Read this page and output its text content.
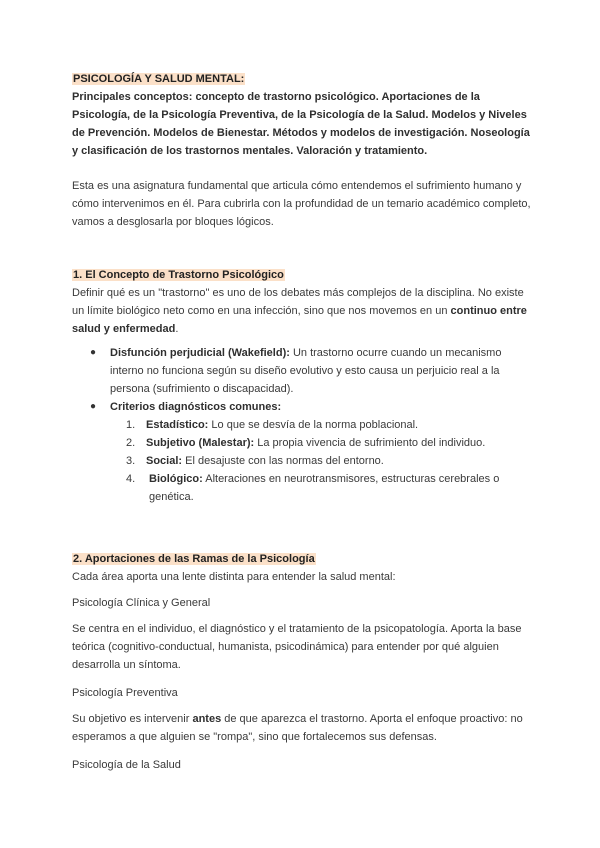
PSICOLOGÍA Y SALUD MENTAL:

Principales conceptos: concepto de trastorno psicológico. Aportaciones de la Psicología, de la Psicología Preventiva, de la Psicología de la Salud. Modelos y Niveles de Prevención. Modelos de Bienestar. Métodos y modelos de investigación. Noseología y clasificación de los trastornos mentales. Valoración y tratamiento.

Esta es una asignatura fundamental que articula cómo entendemos el sufrimiento humano y cómo intervenimos en él. Para cubrirla con la profundidad de un temario académico completo, vamos a desglosarla por bloques lógicos.

1. El Concepto de Trastorno Psicológico

Definir qué es un "trastorno" es uno de los debates más complejos de la disciplina. No existe un límite biológico neto como en una infección, sino que nos movemos en un continuo entre salud y enfermedad.

● Disfunción perjudicial (Wakefield): Un trastorno ocurre cuando un mecanismo interno no funciona según su diseño evolutivo y esto causa un perjuicio real a la persona (sufrimiento o discapacidad).
● Criterios diagnósticos comunes:
1. Estadístico: Lo que se desvía de la norma poblacional.
2. Subjetivo (Malestar): La propia vivencia de sufrimiento del individuo.
3. Social: El desajuste con las normas del entorno.
4. Biológico: Alteraciones en neurotransmisores, estructuras cerebrales o genética.

2. Aportaciones de las Ramas de la Psicología

Cada área aporta una lente distinta para entender la salud mental:

Psicología Clínica y General

Se centra en el individuo, el diagnóstico y el tratamiento de la psicopatología. Aporta la base teórica (cognitivo-conductual, humanista, psicodinámica) para entender por qué alguien desarrolla un síntoma.

Psicología Preventiva

Su objetivo es intervenir antes de que aparezca el trastorno. Aporta el enfoque proactivo: no esperamos a que alguien se "rompa", sino que fortalecemos sus defensas.

Psicología de la Salud
